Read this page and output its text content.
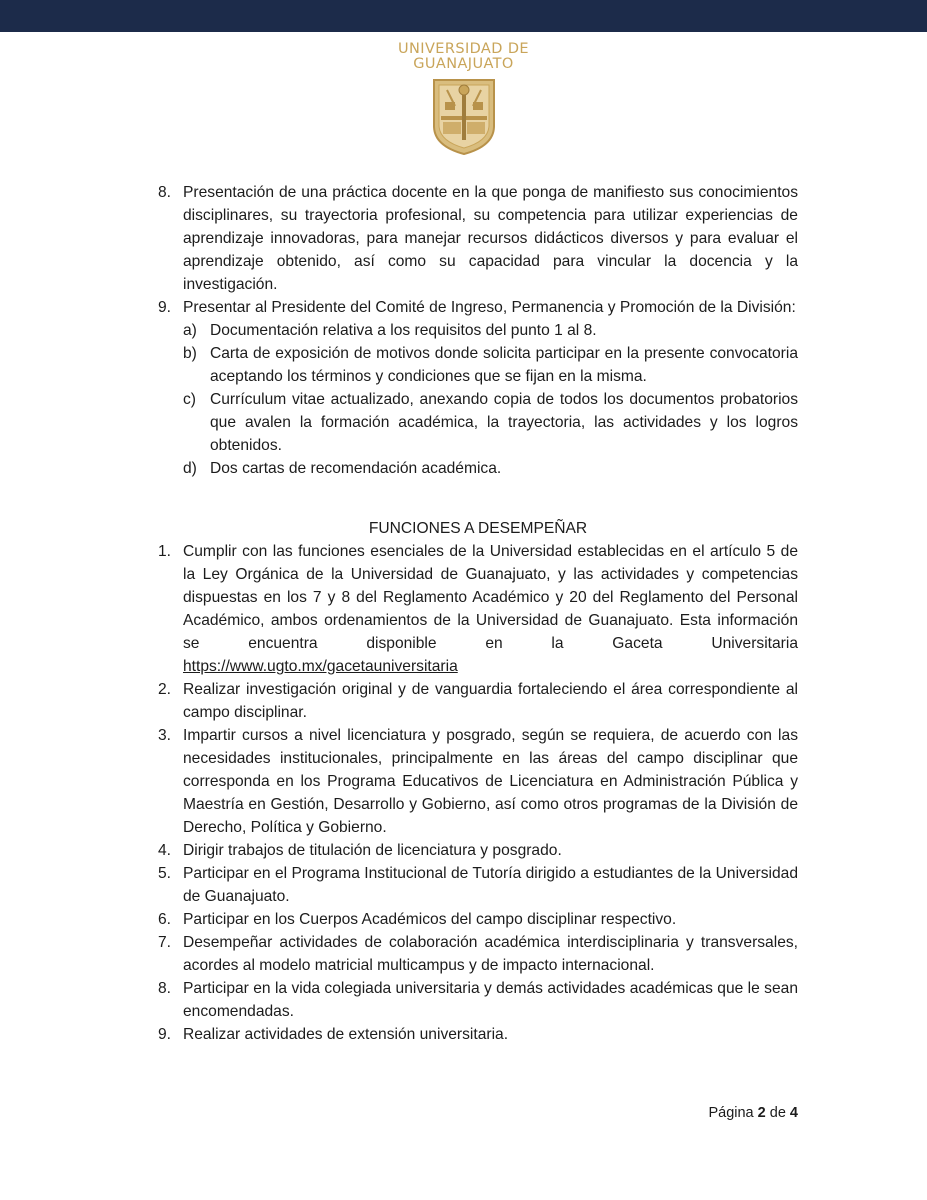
UNIVERSIDAD DE
GUANAJUATO
8. Presentación de una práctica docente en la que ponga de manifiesto sus conocimientos disciplinares, su trayectoria profesional, su competencia para utilizar experiencias de aprendizaje innovadoras, para manejar recursos didácticos diversos y para evaluar el aprendizaje obtenido, así como su capacidad para vincular la docencia y la investigación.
9. Presentar al Presidente del Comité de Ingreso, Permanencia y Promoción de la División:
a) Documentación relativa a los requisitos del punto 1 al 8.
b) Carta de exposición de motivos donde solicita participar en la presente convocatoria aceptando los términos y condiciones que se fijan en la misma.
c) Currículum vitae actualizado, anexando copia de todos los documentos probatorios que avalen la formación académica, la trayectoria, las actividades y los logros obtenidos.
d) Dos cartas de recomendación académica.
FUNCIONES A DESEMPEÑAR
1. Cumplir con las funciones esenciales de la Universidad establecidas en el artículo 5 de la Ley Orgánica de la Universidad de Guanajuato, y las actividades y competencias dispuestas en los 7 y 8 del Reglamento Académico y 20 del Reglamento del Personal Académico, ambos ordenamientos de la Universidad de Guanajuato. Esta información se encuentra disponible en la Gaceta Universitaria https://www.ugto.mx/gacetauniversitaria
2. Realizar investigación original y de vanguardia fortaleciendo el área correspondiente al campo disciplinar.
3. Impartir cursos a nivel licenciatura y posgrado, según se requiera, de acuerdo con las necesidades institucionales, principalmente en las áreas del campo disciplinar que corresponda en los Programa Educativos de Licenciatura en Administración Pública y Maestría en Gestión, Desarrollo y Gobierno, así como otros programas de la División de Derecho, Política y Gobierno.
4. Dirigir trabajos de titulación de licenciatura y posgrado.
5. Participar en el Programa Institucional de Tutoría dirigido a estudiantes de la Universidad de Guanajuato.
6. Participar en los Cuerpos Académicos del campo disciplinar respectivo.
7. Desempeñar actividades de colaboración académica interdisciplinaria y transversales, acordes al modelo matricial multicampus y de impacto internacional.
8. Participar en la vida colegiada universitaria y demás actividades académicas que le sean encomendadas.
9. Realizar actividades de extensión universitaria.
Página 2 de 4
